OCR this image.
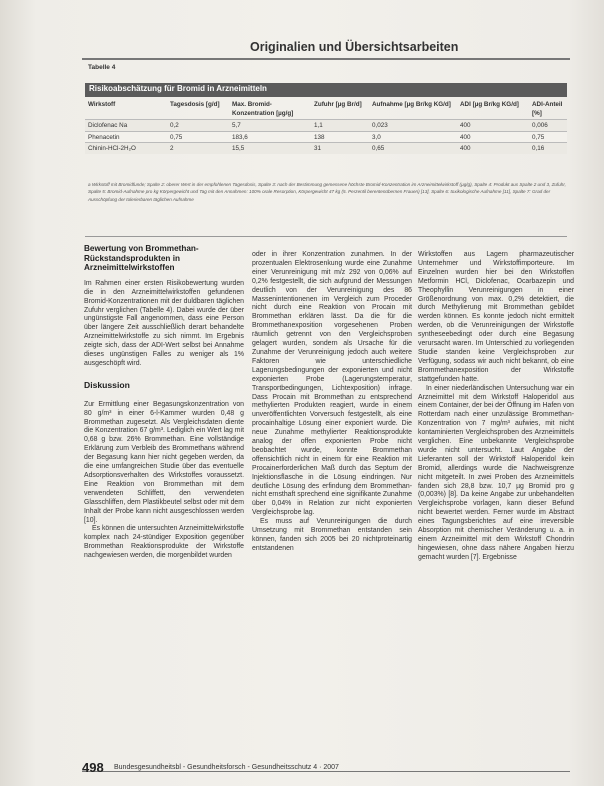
Originalien und Übersichtsarbeiten
Tabelle 4
Risikoabschätzung für Bromid in Arzneimitteln
Wirkstoff	Tagesdosis [g/d]	Max. Bromid-Konzentration [µg/g]	Zufuhr [µg Br/d]	Aufnahme [µg Br/kg KG/d]	ADI [µg Br/kg KG/d]	ADI-Anteil [%]
Diclofenac Na	0,2	5,7	1,1	0,023	400	0,006
Phenacetin	0,75	183,6	138	3,0	400	0,75
Chinin-HCl-2H₂O	2	15,5	31	0,65	400	0,16
a Wirkstoff mit Bromidfunde; Spalte 2: oberer Wert in der empfohlenen Tagesdosis, Spalte 3: nach der Bestimmung gemessene höchste Bromid-Konzentration im Arzneimittelwirkstoff (µg/g), Spalte 4: Produkt aus Spalte 2 und 3, Zufuhr, Spalte 5: Bromid-Aufnahme pro kg Körpergewicht und Tag mit den Annahmen: 100% orale Resorption, Körpergewicht 47 kg (5. Perzentil berentenübernen Frauen) [13], Spalte 6: toxikologische Aufnahme [11], Spalte 7: Grad der Ausschöpfung der tolerierbaren täglichen Aufnahme
Bewertung von Brommethan-Rückstandsprodukten in Arzneimittelwirkstoffen

Im Rahmen einer ersten Risikobewertung wurden die in den Arzneimittelwirkstoffen gefundenen Bromid-Konzentrationen mit der duldbaren täglichen Zufuhr verglichen (Tabelle 4). Dabei wurde der über ungünstigste Fall angenommen, dass eine Person über längere Zeit ausschließlich derart behandelte Arzneimittelwirkstoffe zu sich nimmt. Im Ergebnis zeigte sich, dass der ADI-Wert selbst bei Annahme dieses ungünstigen Falles zu weniger als 1% ausgeschöpft wird.

Diskussion

Zur Ermittlung einer Begasungskonzentration von 80 g/m³ in einer 6-l-Kammer wurden 0,48 g Brommethan zugesetzt. Als Vergleichsdaten diente die Konzentration 67 g/m³. Lediglich ein Wert lag mit 0,68 g bzw. 26% Brommethan. Eine vollständige Erklärung zum Verbleib des Brommethans während der Begasung kann hier nicht gegeben werden, da die eine umfangreichen Studie über das eventuelle Adsorptionsverhalten des Wirkstoffes voraussetzt. Eine Reaktion von Brommethan mit dem verwendeten Schliffett, den verwendeten Glasschliffen, dem Plastikbeutel selbst oder mit dem Inhalt der Probe kann nicht ausgeschlossen werden [10].

Es können die untersuchten Arzneimittelwirkstoffe komplex nach 24-stündiger Exposition gegenüber Brommethan Reaktionsprodukte der Wirkstoffe nachgewiesen werden, die morgenbildet wurden

oder in ihrer Konzentration zunahmen. In der prozentualen Elektrosenkung wurde eine Zunahme einer Verunreinigung mit m/z 292 von 0,06% auf 0,2% festgestellt, die sich aufgrund der Messungen deutlich von der Verunreinigung des 86 Massenintentionenen im Vergleich zum Proceder nicht durch eine Reaktion von Procain mit Brommethan erklären lässt. Da die für die Brommethanexposition vorgesehenen Proben räumlich getrennt von den Vergleichsproben gelagert wurden, sondern als Ursache für die Zunahme der Verunreinigung jedoch auch weitere Faktoren wie unterschiedliche Lagerungsbedingungen der exponierten und nicht exponierten Probe (Lagerungstemperatur, Transportbedingungen, Lichtexposition) infrage. Dass Procain mit Brommethan zu entsprechend methylierten Produkten reagiert, wurde in einem unveröffentlichten Vorversuch festgestellt, als eine procainhaltige Lösung einer exponiert wurde. Die neue Zunahme methylierter Reaktionsprodukte analog der offen exponierten Probe nicht beobachtet wurde, konnte Brommethan offensichtlich nicht in einem für eine Reaktion mit Procainerforderlichen Maß durch das Septum der Injektionsflasche in die Lösung eindringen. Nur deutliche Lösung des erfindung dem Brommethan-nicht ernsthaft sprechend eine signifikante Zunahme über 0,04% in Relation zur nicht exponierten Vergleichsprobe lag.

Es muss auf Verunreinigungen die durch Umsetzung mit Brommethan entstanden sein können, fanden sich 2005 bei 20 nichtproteinartig entstandenen

Wirkstoffen aus Lagern pharmazeutischer Unternehmer und Wirkstoffimporteure. Im Einzelnen wurden hier bei den Wirkstoffen Metformin HCl, Diclofenac, Ocarbazepin und Theophyllin Verunreinigungen in einer Größenordnung von max. 0,2% detektiert, die durch Methylierung mit Brommethan gebildet werden können. Es konnte jedoch nicht ermittelt werden, ob die Verunreinigungen der Wirkstoffe syntheseebedingt oder durch eine Begasung verursacht waren. Im Unterschied zu vorliegenden Studie standen keine Vergleichsproben zur Verfügung, sodass wir auch nicht bekannt, ob eine Brommethanexposition der Wirkstoffe stattgefunden hatte.

In einer niederländischen Untersuchung war ein Arzneimittel mit dem Wirkstoff Haloperidol aus einem Container, der bei der Öffnung im Hafen von Rotterdam nach einer unzulässige Brommethan-Konzentration von 7 mg/m³ aufwies, mit nicht kontaminierten Vergleichsproben des Arzneimittels verglichen. Eine unbekannte Vergleichsprobe wurde nicht untersucht. Laut Angabe der Lieferanten soll der Wirkstoff Haloperidol kein Bromid, allerdings wurde die Nachweisgrenze nicht mitgeteilt. In zwei Proben des Arzneimittels fanden sich 28,8 bzw. 10,7 µg Bromid pro g (0,003%) [8]. Da keine Angabe zur unbehandelten Vergleichsprobe vorlagen, kann dieser Befund nicht bewertet werden. Ferner wurde im Abstract eines Tagungsberichtes auf eine irreversible Absorption mit chemischer Veränderung u. a. in einem Arzneimittel mit dem Wirkstoff Chondrin hingewiesen, ohne dass nähere Angaben hierzu gemacht wurden [7]. Ergebnisse

498 Bundesgesundheitsbl - Gesundheitsforsch - Gesundheitsschutz 4 · 2007
